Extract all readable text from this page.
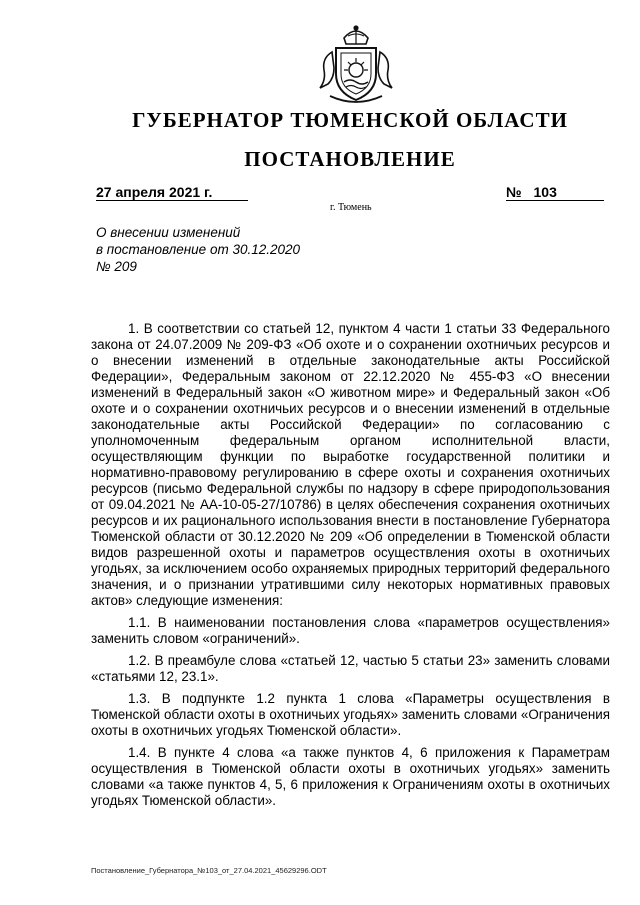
ГУБЕРНАТОР ТЮМЕНСКОЙ ОБЛАСТИ
ПОСТАНОВЛЕНИЕ
27 апреля 2021 г.	№ 103
г. Тюмень
О внесении изменений
в постановление от 30.12.2020
№ 209

1. В соответствии со статьей 12, пунктом 4 части 1 статьи 33 Федерального закона от 24.07.2009 № 209-ФЗ «Об охоте и о сохранении охотничьих ресурсов и о внесении изменений в отдельные законодательные акты Российской Федерации», Федеральным законом от 22.12.2020 № 455-ФЗ «О внесении изменений в Федеральный закон «О животном мире» и Федеральный закон «Об охоте и о сохранении охотничьих ресурсов и о внесении изменений в отдельные законодательные акты Российской Федерации» по согласованию с уполномоченным федеральным органом исполнительной власти, осуществляющим функции по выработке государственной политики и нормативно-правовому регулированию в сфере охоты и сохранения охотничьих ресурсов (письмо Федеральной службы по надзору в сфере природопользования от 09.04.2021 № АА-10-05-27/10786) в целях обеспечения сохранения охотничьих ресурсов и их рационального использования внести в постановление Губернатора Тюменской области от 30.12.2020 № 209 «Об определении в Тюменской области видов разрешенной охоты и параметров осуществления охоты в охотничьих угодьях, за исключением особо охраняемых природных территорий федерального значения, и о признании утратившими силу некоторых нормативных правовых актов» следующие изменения:

1.1. В наименовании постановления слова «параметров осуществления» заменить словом «ограничений».

1.2. В преамбуле слова «статьей 12, частью 5 статьи 23» заменить словами «статьями 12, 23.1».

1.3. В подпункте 1.2 пункта 1 слова «Параметры осуществления в Тюменской области охоты в охотничьих угодьях» заменить словами «Ограничения охоты в охотничьих угодьях Тюменской области».

1.4. В пункте 4 слова «а также пунктов 4, 6 приложения к Параметрам осуществления в Тюменской области охоты в охотничьих угодьях» заменить словами «а также пунктов 4, 5, 6 приложения к Ограничениям охоты в охотничьих угодьях Тюменской области».

Постановление_Губернатора_№103_от_27.04.2021_45629296.ODT
